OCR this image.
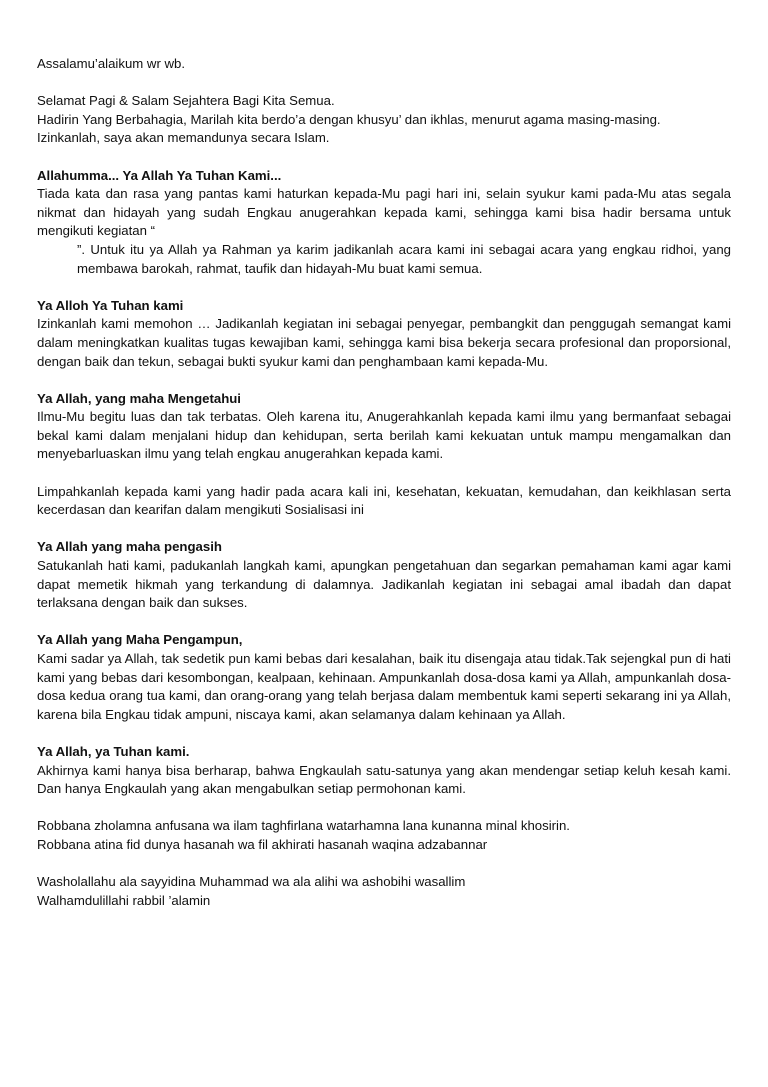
Assalamu’alaikum wr wb.

Selamat Pagi & Salam Sejahtera Bagi Kita Semua.

Hadirin Yang Berbahagia, Marilah kita berdo’a dengan khusyu’ dan ikhlas, menurut agama masing-masing.

Izinkanlah, saya akan memandunya secara Islam.

Allahumma... Ya Allah Ya Tuhan Kami...

Tiada kata dan rasa yang pantas kami haturkan kepada-Mu pagi hari ini, selain syukur kami pada-Mu atas segala nikmat dan hidayah yang sudah Engkau anugerahkan kepada kami, sehingga kami bisa hadir bersama untuk mengikuti kegiatan “

”. Untuk itu ya Allah ya Rahman ya karim jadikanlah acara kami ini sebagai acara yang engkau ridhoi, yang membawa barokah, rahmat, taufik dan hidayah-Mu buat kami semua.

Ya Alloh Ya Tuhan kami

Izinkanlah kami memohon … Jadikanlah kegiatan ini sebagai penyegar, pembangkit dan penggugah semangat kami dalam meningkatkan kualitas tugas kewajiban kami, sehingga kami bisa bekerja secara profesional dan proporsional, dengan baik dan tekun, sebagai bukti syukur kami dan penghambaan kami kepada-Mu.

Ya Allah, yang maha Mengetahui

Ilmu-Mu begitu luas dan tak terbatas. Oleh karena itu, Anugerahkanlah kepada kami ilmu yang bermanfaat sebagai bekal kami dalam menjalani hidup dan kehidupan, serta berilah kami kekuatan untuk mampu mengamalkan dan menyebarluaskan ilmu yang telah engkau anugerahkan kepada kami.

Limpahkanlah kepada kami yang hadir pada acara kali ini, kesehatan, kekuatan, kemudahan, dan keikhlasan serta kecerdasan dan kearifan dalam mengikuti Sosialisasi ini

Ya Allah yang maha pengasih

Satukanlah hati kami, padukanlah langkah kami, apungkan pengetahuan dan segarkan pemahaman kami agar kami dapat memetik hikmah yang terkandung di dalamnya. Jadikanlah kegiatan ini sebagai amal ibadah dan dapat terlaksana dengan baik dan sukses.

Ya Allah yang Maha Pengampun,

Kami sadar ya Allah, tak sedetik pun kami bebas dari kesalahan, baik itu disengaja atau tidak.Tak sejengkal pun di hati kami yang bebas dari kesombongan, kealpaan, kehinaan. Ampunkanlah dosa-dosa kami ya Allah, ampunkanlah dosa-dosa kedua orang tua kami, dan orang-orang yang telah berjasa dalam membentuk kami seperti sekarang ini ya Allah, karena bila Engkau tidak ampuni, niscaya kami, akan selamanya dalam kehinaan ya Allah.

Ya Allah, ya Tuhan kami.

Akhirnya kami hanya bisa berharap, bahwa Engkaulah satu-satunya yang akan mendengar setiap keluh kesah kami. Dan hanya Engkaulah yang akan mengabulkan setiap permohonan kami.

Robbana zholamna anfusana wa ilam taghfirlana watarhamna lana kunanna minal khosirin.

Robbana atina fid dunya hasanah wa fil akhirati hasanah waqina adzabannar

Washolallahu ala sayyidina Muhammad wa ala alihi wa ashobihi wasallim

Walhamdulillahi rabbil ’alamin
